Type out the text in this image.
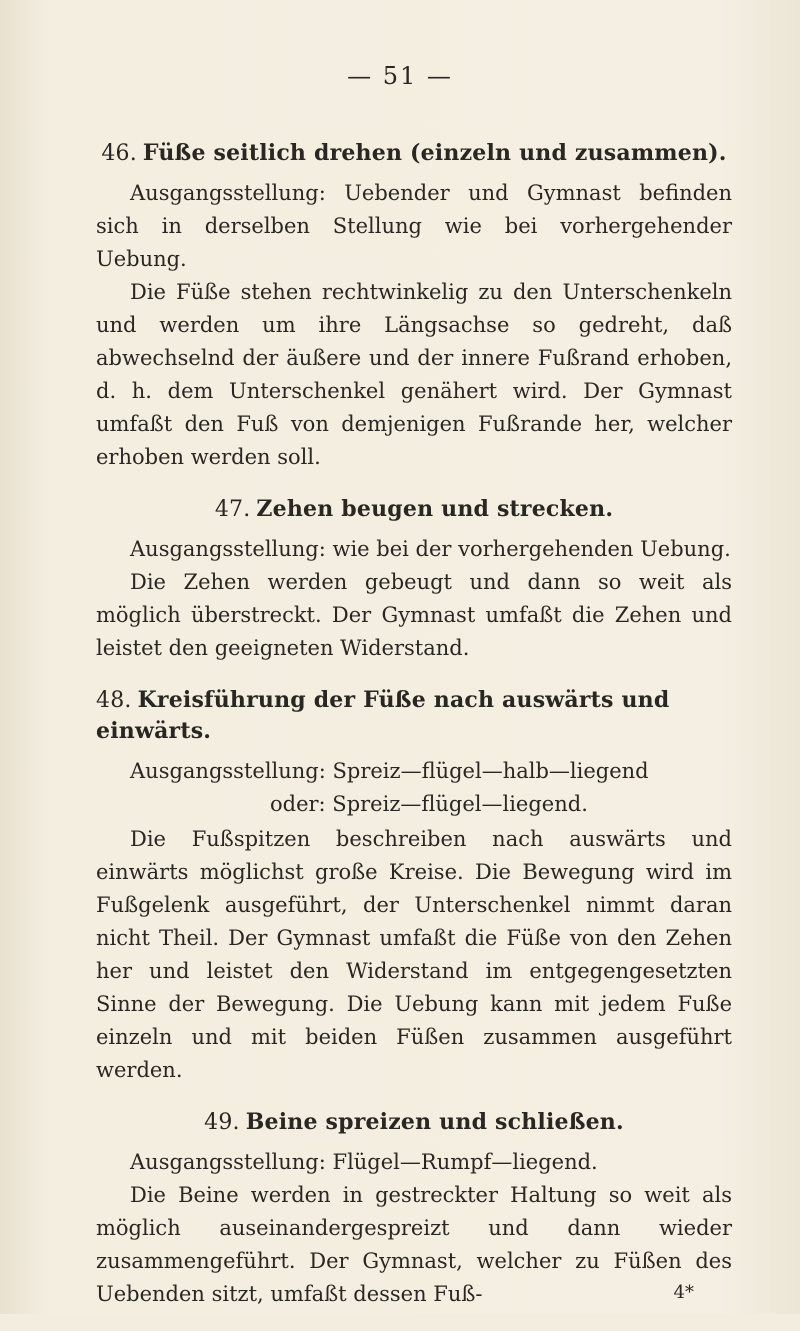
— 51 —
46. Füße seitlich drehen (einzeln und zusammen).

Ausgangsstellung: Uebender und Gymnast befinden sich in derselben Stellung wie bei vorhergehender Uebung.

Die Füße stehen rechtwinkelig zu den Unterschenkeln und werden um ihre Längsachse so gedreht, daß abwechselnd der äußere und der innere Fußrand erhoben, d. h. dem Unterschenkel genähert wird. Der Gymnast umfaßt den Fuß von demjenigen Fußrande her, welcher erhoben werden soll.

47. Zehen beugen und strecken.

Ausgangsstellung: wie bei der vorhergehenden Uebung.

Die Zehen werden gebeugt und dann so weit als möglich überstreckt. Der Gymnast umfaßt die Zehen und leistet den geeigneten Widerstand.

48. Kreisführung der Füße nach auswärts und einwärts.

Ausgangsstellung: Spreiz—flügel—halb—liegend

oder: Spreiz—flügel—liegend.

Die Fußspitzen beschreiben nach auswärts und einwärts möglichst große Kreise. Die Bewegung wird im Fußgelenk ausgeführt, der Unterschenkel nimmt daran nicht Theil. Der Gymnast umfaßt die Füße von den Zehen her und leistet den Widerstand im entgegengesetzten Sinne der Bewegung. Die Uebung kann mit jedem Fuße einzeln und mit beiden Füßen zusammen ausgeführt werden.

49. Beine spreizen und schließen.

Ausgangsstellung: Flügel—Rumpf—liegend.

Die Beine werden in gestreckter Haltung so weit als möglich auseinandergespreizt und dann wieder zusammengeführt. Der Gymnast, welcher zu Füßen des Uebenden sitzt, umfaßt dessen Fuß-	4*
